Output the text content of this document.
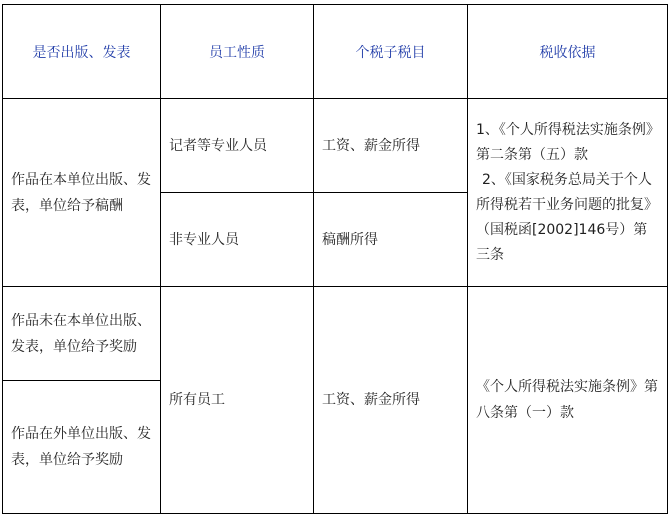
是否出版、发表	员工性质	个税子税目	税收依据
作品在本单位出版、发表，单位给予稿酬	记者等专业人员	工资、薪金所得	1、《个人所得税法实施条例》第二条第（五）款
2、《国家税务总局关于个人所得税若干业务问题的批复》（国税函[2002]146号）第三条

	非专业人员	稿酬所得	
作品未在本单位出版、发表，单位给予奖励	所有员工	工资、薪金所得	《个人所得税法实施条例》第八条第（一）款
作品在外单位出版、发表，单位给予奖励			
